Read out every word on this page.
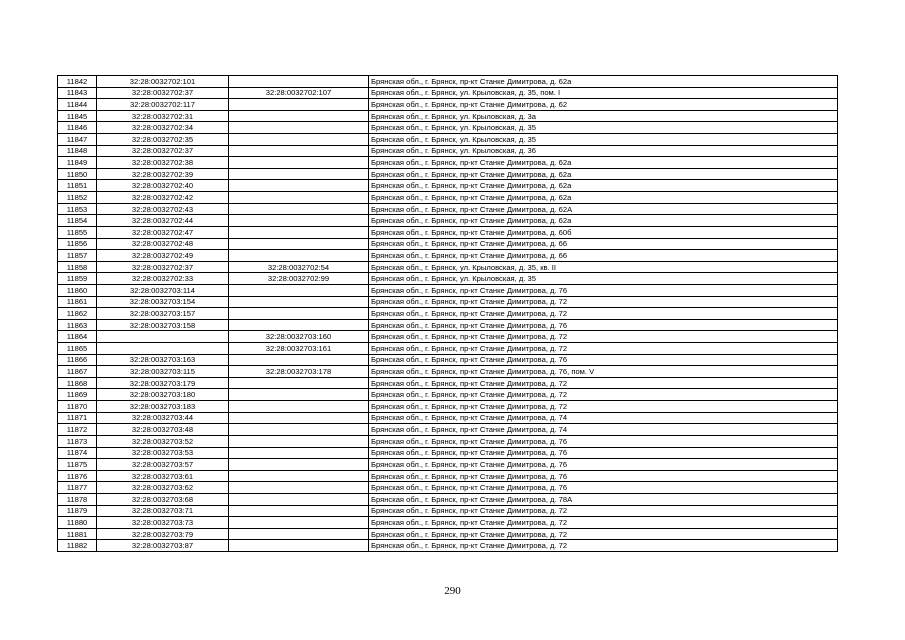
11842	32:28:0032702:101		Брянская обл., г. Брянск, пр-кт Станке Димитрова, д. 62а
11843	32:28:0032702:37	32:28:0032702:107	Брянская обл., г. Брянск, ул. Крыловская, д. 35, пом. I
11844	32:28:0032702:117		Брянская обл., г. Брянск, пр-кт Станке Димитрова, д. 62
11845	32:28:0032702:31		Брянская обл., г. Брянск, ул. Крыловская, д. 3а
11846	32:28:0032702:34		Брянская обл., г. Брянск, ул. Крыловская, д. 35
11847	32:28:0032702:35		Брянская обл., г. Брянск, ул. Крыловская, д. 35
11848	32:28:0032702:37		Брянская обл., г. Брянск, ул. Крыловская, д. 36
11849	32:28:0032702:38		Брянская обл., г. Брянск, пр-кт Станке Димитрова, д. 62а
11850	32:28:0032702:39		Брянская обл., г. Брянск, пр-кт Станке Димитрова, д. 62а
11851	32:28:0032702:40		Брянская обл., г. Брянск, пр-кт Станке Димитрова, д. 62а
11852	32:28:0032702:42		Брянская обл., г. Брянск, пр-кт Станке Димитрова, д. 62а
11853	32:28:0032702:43		Брянская обл., г. Брянск, пр-кт Станке Димитрова, д. 62А
11854	32:28:0032702:44		Брянская обл., г. Брянск, пр-кт Станке Димитрова, д. 62а
11855	32:28:0032702:47		Брянская обл., г. Брянск, пр-кт Станке Димитрова, д. 60б
11856	32:28:0032702:48		Брянская обл., г. Брянск, пр-кт Станке Димитрова, д. 66
11857	32:28:0032702:49		Брянская обл., г. Брянск, пр-кт Станке Димитрова, д. 66
11858	32:28:0032702:37	32:28:0032702:54	Брянская обл., г. Брянск, ул. Крыловская, д. 35, кв. II
11859	32:28:0032702:33	32:28:0032702:99	Брянская обл., г. Брянск, ул. Крыловская, д. 35
11860	32:28:0032703:114		Брянская обл., г. Брянск, пр-кт Станке Димитрова, д. 76
11861	32:28:0032703:154		Брянская обл., г. Брянск, пр-кт Станке Димитрова, д. 72
11862	32:28:0032703:157		Брянская обл., г. Брянск, пр-кт Станке Димитрова, д. 72
11863	32:28:0032703:158		Брянская обл., г. Брянск, пр-кт Станке Димитрова, д. 76
11864		32:28:0032703:160	Брянская обл., г. Брянск, пр-кт Станке Димитрова, д. 72
11865		32:28:0032703:161	Брянская обл., г. Брянск, пр-кт Станке Димитрова, д. 72
11866	32:28:0032703:163		Брянская обл., г. Брянск, пр-кт Станке Димитрова, д. 76
11867	32:28:0032703:115	32:28:0032703:178	Брянская обл., г. Брянск, пр-кт Станке Димитрова, д. 76, пом. V
11868	32:28:0032703:179		Брянская обл., г. Брянск, пр-кт Станке Димитрова, д. 72
11869	32:28:0032703:180		Брянская обл., г. Брянск, пр-кт Станке Димитрова, д. 72
11870	32:28:0032703:183		Брянская обл., г. Брянск, пр-кт Станке Димитрова, д. 72
11871	32:28:0032703:44		Брянская обл., г. Брянск, пр-кт Станке Димитрова, д. 74
11872	32:28:0032703:48		Брянская обл., г. Брянск, пр-кт Станке Димитрова, д. 74
11873	32:28:0032703:52		Брянская обл., г. Брянск, пр-кт Станке Димитрова, д. 76
11874	32:28:0032703:53		Брянская обл., г. Брянск, пр-кт Станке Димитрова, д. 76
11875	32:28:0032703:57		Брянская обл., г. Брянск, пр-кт Станке Димитрова, д. 76
11876	32:28:0032703:61		Брянская обл., г. Брянск, пр-кт Станке Димитрова, д. 76
11877	32:28:0032703:62		Брянская обл., г. Брянск, пр-кт Станке Димитрова, д. 76
11878	32:28:0032703:68		Брянская обл., г. Брянск, пр-кт Станке Димитрова, д. 78А
11879	32:28:0032703:71		Брянская обл., г. Брянск, пр-кт Станке Димитрова, д. 72
11880	32:28:0032703:73		Брянская обл., г. Брянск, пр-кт Станке Димитрова, д. 72
11881	32:28:0032703:79		Брянская обл., г. Брянск, пр-кт Станке Димитрова, д. 72
11882	32:28:0032703:87		Брянская обл., г. Брянск, пр-кт Станке Димитрова, д. 72
290
